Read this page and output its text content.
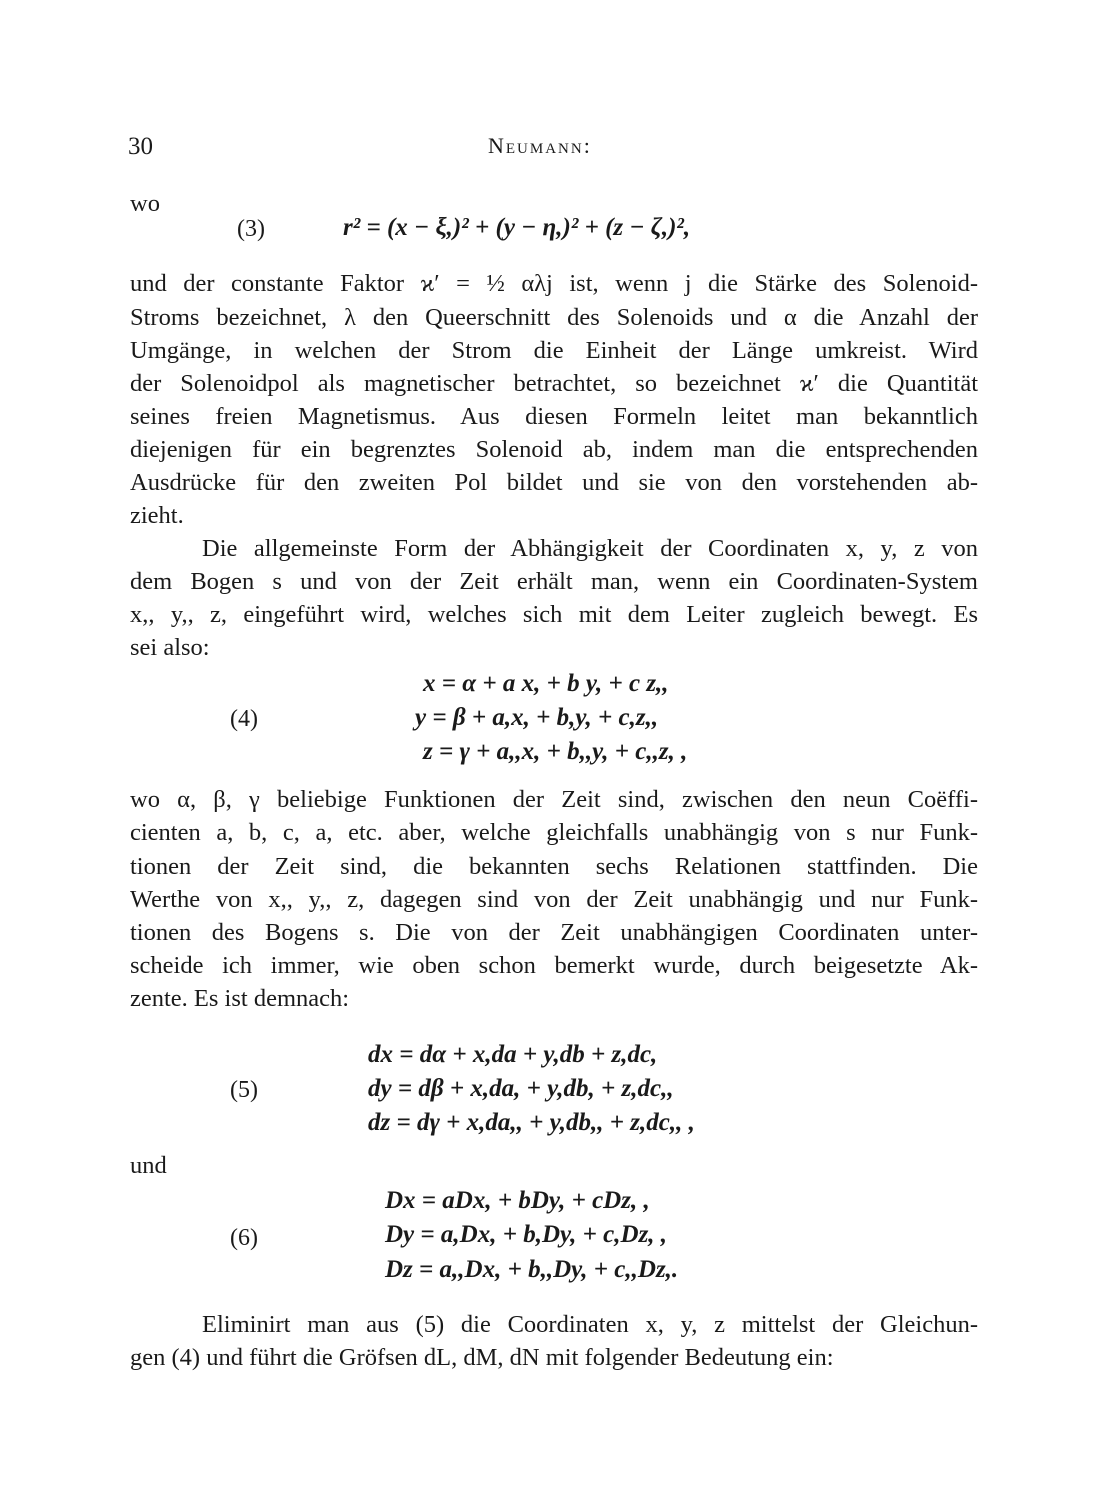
30	Neumann:
wo
(3)	r² = (x − ξ,)² + (y − η,)² + (z − ζ,)²,
und der constante Faktor ϰ′ = ½ αλj ist, wenn j die Stärke des Solenoid-
Stroms bezeichnet, λ den Queerschnitt des Solenoids und α die Anzahl der
Umgänge, in welchen der Strom die Einheit der Länge umkreist. Wird
der Solenoidpol als magnetischer betrachtet, so bezeichnet ϰ′ die Quantität
seines freien Magnetismus. Aus diesen Formeln leitet man bekanntlich
diejenigen für ein begrenztes Solenoid ab, indem man die entsprechenden
Ausdrücke für den zweiten Pol bildet und sie von den vorstehenden ab-
zieht.
Die allgemeinste Form der Abhängigkeit der Coordinaten x, y, z von
dem Bogen s und von der Zeit erhält man, wenn ein Coordinaten-System
x,, y,, z, eingeführt wird, welches sich mit dem Leiter zugleich bewegt. Es
sei also:
(4)
x = α + a x, + b y, + c z,,
y = β + a,x, + b,y, + c,z,,
z = γ + a,,x, + b,,y, + c,,z, ,
wo α, β, γ beliebige Funktionen der Zeit sind, zwischen den neun Coëffi-
cienten a, b, c, a, etc. aber, welche gleichfalls unabhängig von s nur Funk-
tionen der Zeit sind, die bekannten sechs Relationen stattfinden. Die
Werthe von x,, y,, z, dagegen sind von der Zeit unabhängig und nur Funk-
tionen des Bogens s. Die von der Zeit unabhängigen Coordinaten unter-
scheide ich immer, wie oben schon bemerkt wurde, durch beigesetzte Ak-
zente. Es ist demnach:
(5)
dx = dα + x,da + y,db + z,dc,
dy = dβ + x,da, + y,db, + z,dc,,
dz = dγ + x,da,, + y,db,, + z,dc,, ,
und
(6)
Dx = aDx, + bDy, + cDz, ,
Dy = a,Dx, + b,Dy, + c,Dz, ,
Dz = a,,Dx, + b,,Dy, + c,,Dz,.
Eliminirt man aus (5) die Coordinaten x, y, z mittelst der Gleichun-
gen (4) und führt die Gröfsen dL, dM, dN mit folgender Bedeutung ein:
